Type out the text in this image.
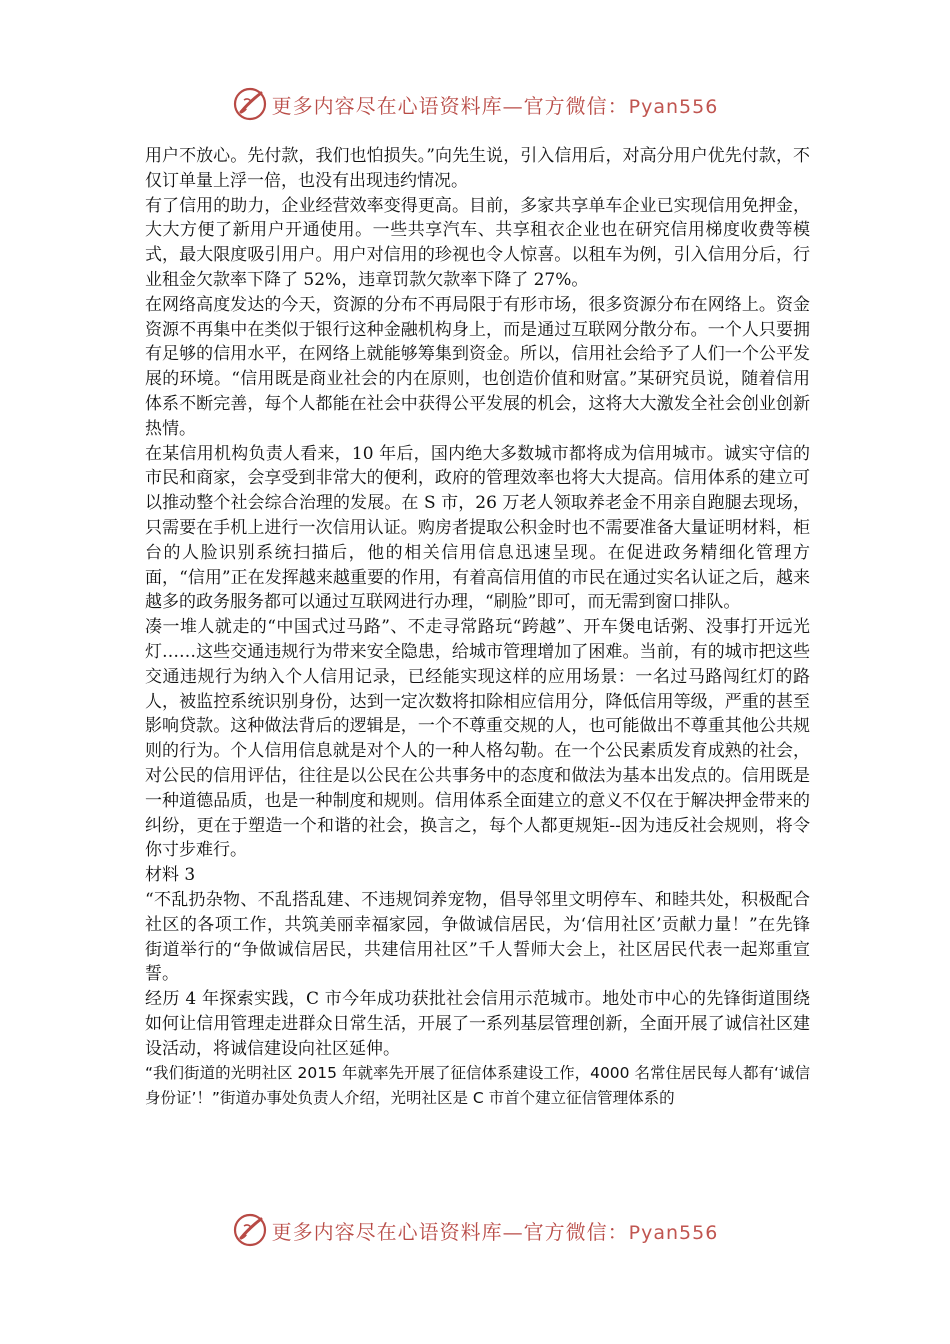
更多内容尽在心语资料库—官方微信：Pyan556

用户不放心。先付款，我们也怕损失。”向先生说，引入信用后，对高分用户优先付款，不仅订单量上浮一倍，也没有出现违约情况。

有了信用的助力，企业经营效率变得更高。目前，多家共享单车企业已实现信用免押金，大大方便了新用户开通使用。一些共享汽车、共享租衣企业也在研究信用梯度收费等模式，最大限度吸引用户。用户对信用的珍视也令人惊喜。以租车为例，引入信用分后，行业租金欠款率下降了 52%，违章罚款欠款率下降了 27%。

在网络高度发达的今天，资源的分布不再局限于有形市场，很多资源分布在网络上。资金资源不再集中在类似于银行这种金融机构身上，而是通过互联网分散分布。一个人只要拥有足够的信用水平，在网络上就能够筹集到资金。所以，信用社会给予了人们一个公平发展的环境。“信用既是商业社会的内在原则，也创造价值和财富。”某研究员说，随着信用体系不断完善，每个人都能在社会中获得公平发展的机会，这将大大激发全社会创业创新热情。

在某信用机构负责人看来，10 年后，国内绝大多数城市都将成为信用城市。诚实守信的市民和商家，会享受到非常大的便利，政府的管理效率也将大大提高。信用体系的建立可以推动整个社会综合治理的发展。在 S 市，26 万老人领取养老金不用亲自跑腿去现场，只需要在手机上进行一次信用认证。购房者提取公积金时也不需要准备大量证明材料，柜台的人脸识别系统扫描后，他的相关信用信息迅速呈现。在促进政务精细化管理方面，“信用”正在发挥越来越重要的作用，有着高信用值的市民在通过实名认证之后，越来越多的政务服务都可以通过互联网进行办理，“刷脸”即可，而无需到窗口排队。

凑一堆人就走的“中国式过马路”、不走寻常路玩“跨越”、开车煲电话粥、没事打开远光灯……这些交通违规行为带来安全隐患，给城市管理增加了困难。当前，有的城市把这些交通违规行为纳入个人信用记录，已经能实现这样的应用场景：一名过马路闯红灯的路人，被监控系统识别身份，达到一定次数将扣除相应信用分，降低信用等级，严重的甚至影响贷款。这种做法背后的逻辑是，一个不尊重交规的人，也可能做出不尊重其他公共规则的行为。个人信用信息就是对个人的一种人格勾勒。在一个公民素质发育成熟的社会，对公民的信用评估，往往是以公民在公共事务中的态度和做法为基本出发点的。信用既是一种道德品质，也是一种制度和规则。信用体系全面建立的意义不仅在于解决押金带来的纠纷，更在于塑造一个和谐的社会，换言之，每个人都更规矩--因为违反社会规则，将令你寸步难行。

材料 3

“不乱扔杂物、不乱搭乱建、不违规饲养宠物，倡导邻里文明停车、和睦共处，积极配合社区的各项工作，共筑美丽幸福家园，争做诚信居民，为‘信用社区’贡献力量！”在先锋街道举行的“争做诚信居民，共建信用社区”千人誓师大会上，社区居民代表一起郑重宣誓。

经历 4 年探索实践，C 市今年成功获批社会信用示范城市。地处市中心的先锋街道围绕如何让信用管理走进群众日常生活，开展了一系列基层管理创新，全面开展了诚信社区建设活动，将诚信建设向社区延伸。

“我们街道的光明社区 2015 年就率先开展了征信体系建设工作，4000 名常住居民每人都有‘诚信身份证’！”街道办事处负责人介绍，光明社区是 C 市首个建立征信管理体系的

更多内容尽在心语资料库—官方微信：Pyan556
